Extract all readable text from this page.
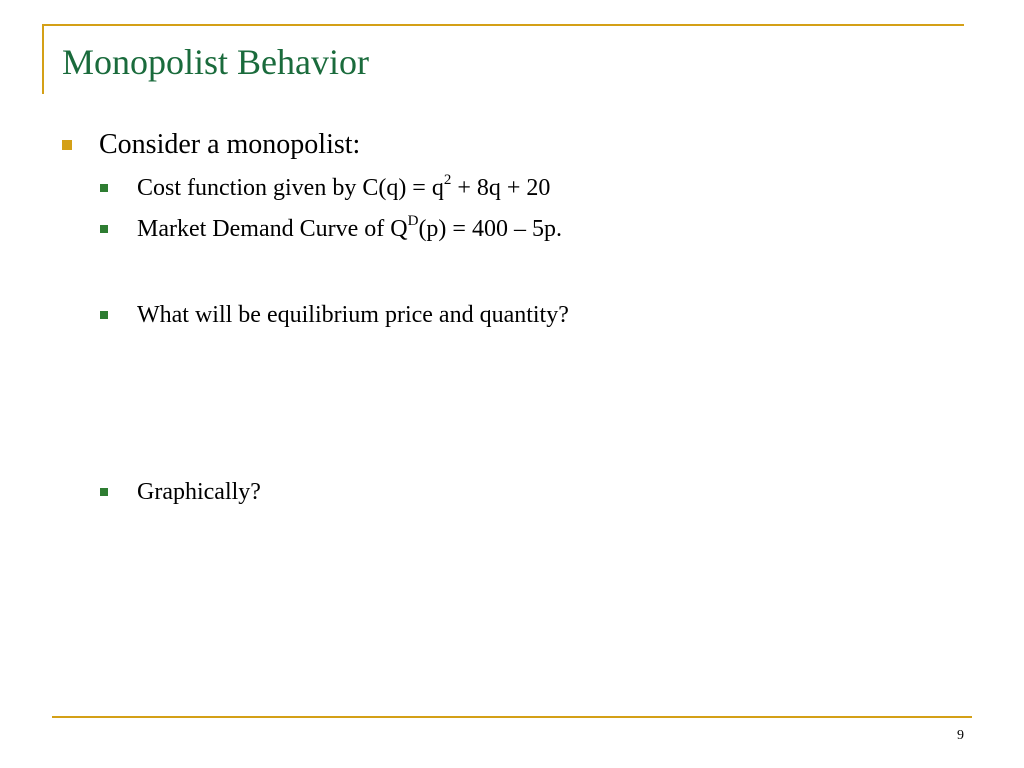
Monopolist Behavior
Consider a monopolist:
Cost function given by $C(q) = q^2 + 8q + 20$
Market Demand Curve of $Q^D(p) = 400 - 5p$.
What will be equilibrium price and quantity?
Graphically?
9
